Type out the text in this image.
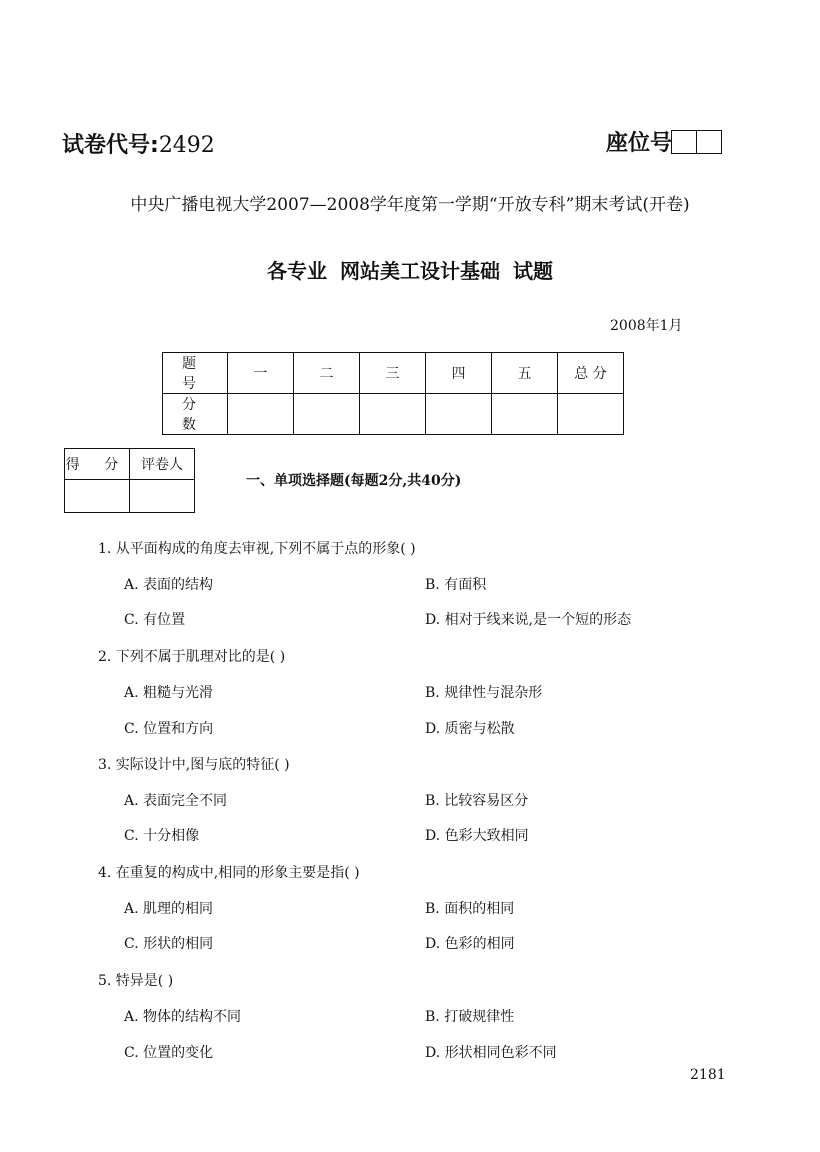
试卷代号:2492	座位号
中央广播电视大学2007—2008学年度第一学期“开放专科”期末考试(开卷)
各专业 网站美工设计基础 试题
2008年1月
题 号	一	二	三	四	五	总 分
分 数						
得 分	评卷人

一、单项选择题(每题2分,共40分)
1. 从平面构成的角度去审视,下列不属于点的形象( )
A. 表面的结构	B. 有面积
C. 有位置	D. 相对于线来说,是一个短的形态
2. 下列不属于肌理对比的是( )
A. 粗糙与光滑	B. 规律性与混杂形
C. 位置和方向	D. 质密与松散
3. 实际设计中,图与底的特征( )
A. 表面完全不同	B. 比较容易区分
C. 十分相像	D. 色彩大致相同
4. 在重复的构成中,相同的形象主要是指( )
A. 肌理的相同	B. 面积的相同
C. 形状的相同	D. 色彩的相同
5. 特异是( )
A. 物体的结构不同	B. 打破规律性
C. 位置的变化	D. 形状相同色彩不同
2181
